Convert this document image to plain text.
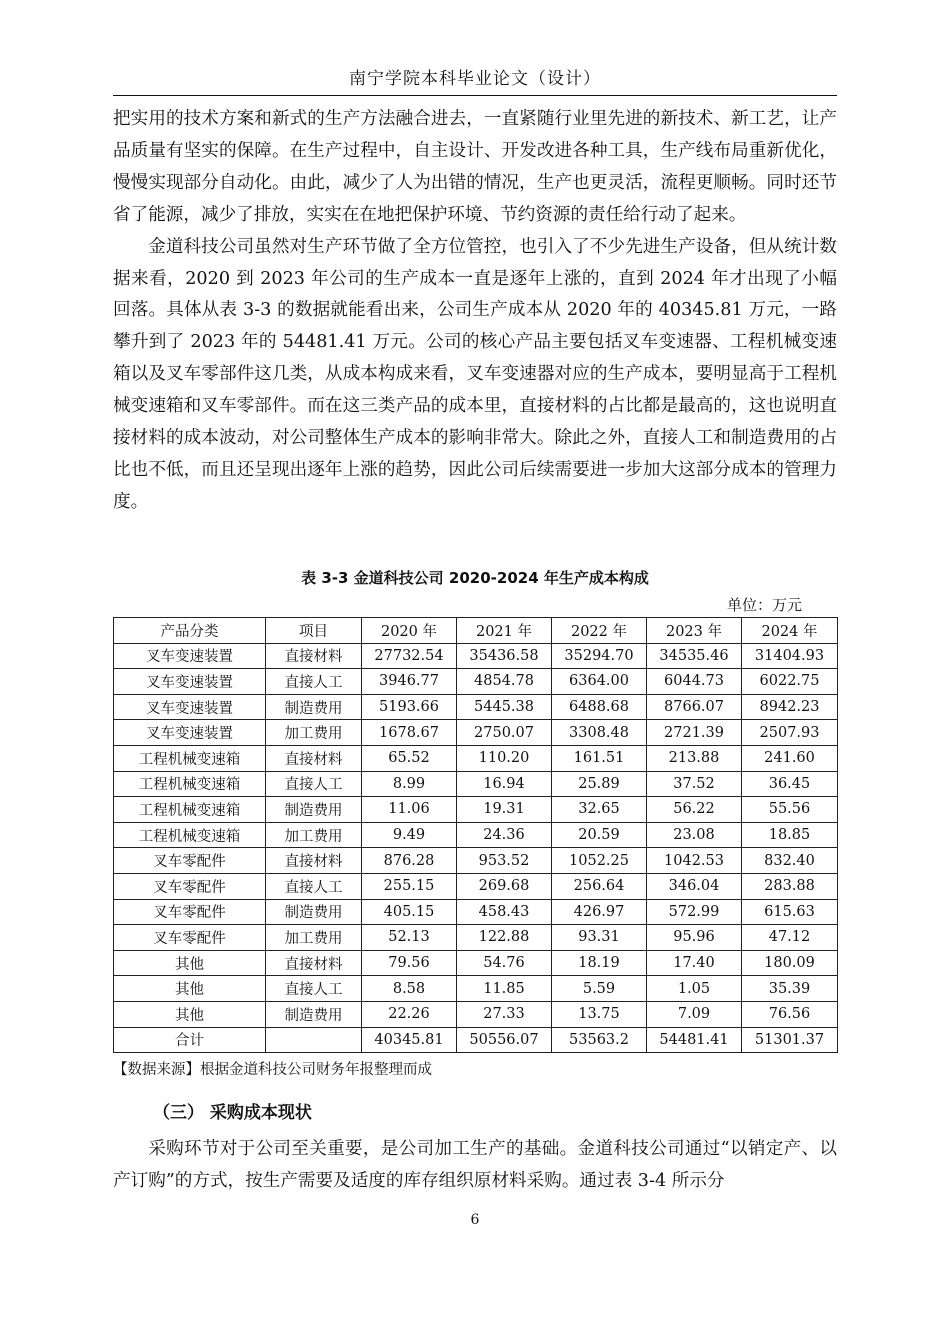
南宁学院本科毕业论文（设计）

把实用的技术方案和新式的生产方法融合进去，一直紧随行业里先进的新技术、新工艺，让产品质量有坚实的保障。在生产过程中，自主设计、开发改进各种工具，生产线布局重新优化，慢慢实现部分自动化。由此，减少了人为出错的情况，生产也更灵活，流程更顺畅。同时还节省了能源，减少了排放，实实在在地把保护环境、节约资源的责任给行动了起来。

金道科技公司虽然对生产环节做了全方位管控，也引入了不少先进生产设备，但从统计数据来看，2020 到 2023 年公司的生产成本一直是逐年上涨的，直到 2024 年才出现了小幅回落。具体从表 3-3 的数据就能看出来，公司生产成本从 2020 年的 40345.81 万元，一路攀升到了 2023 年的 54481.41 万元。公司的核心产品主要包括叉车变速器、工程机械变速箱以及叉车零部件这几类，从成本构成来看，叉车变速器对应的生产成本，要明显高于工程机械变速箱和叉车零部件。而在这三类产品的成本里，直接材料的占比都是最高的，这也说明直接材料的成本波动，对公司整体生产成本的影响非常大。除此之外，直接人工和制造费用的占比也不低，而且还呈现出逐年上涨的趋势，因此公司后续需要进一步加大这部分成本的管理力度。

表 3-3 金道科技公司 2020-2024 年生产成本构成
单位：万元
产品分类	项目	2020 年	2021 年	2022 年	2023 年	2024 年
叉车变速装置	直接材料	27732.54	35436.58	35294.70	34535.46	31404.93
叉车变速装置	直接人工	3946.77	4854.78	6364.00	6044.73	6022.75
叉车变速装置	制造费用	5193.66	5445.38	6488.68	8766.07	8942.23
叉车变速装置	加工费用	1678.67	2750.07	3308.48	2721.39	2507.93
工程机械变速箱	直接材料	65.52	110.20	161.51	213.88	241.60
工程机械变速箱	直接人工	8.99	16.94	25.89	37.52	36.45
工程机械变速箱	制造费用	11.06	19.31	32.65	56.22	55.56
工程机械变速箱	加工费用	9.49	24.36	20.59	23.08	18.85
叉车零配件	直接材料	876.28	953.52	1052.25	1042.53	832.40
叉车零配件	直接人工	255.15	269.68	256.64	346.04	283.88
叉车零配件	制造费用	405.15	458.43	426.97	572.99	615.63
叉车零配件	加工费用	52.13	122.88	93.31	95.96	47.12
其他	直接材料	79.56	54.76	18.19	17.40	180.09
其他	直接人工	8.58	11.85	5.59	1.05	35.39
其他	制造费用	22.26	27.33	13.75	7.09	76.56
合计		40345.81	50556.07	53563.2	54481.41	51301.37
【数据来源】根据金道科技公司财务年报整理而成
（三） 采购成本现状

采购环节对于公司至关重要，是公司加工生产的基础。金道科技公司通过“以销定产、以产订购”的方式，按生产需要及适度的库存组织原材料采购。通过表 3-4 所示分

6
